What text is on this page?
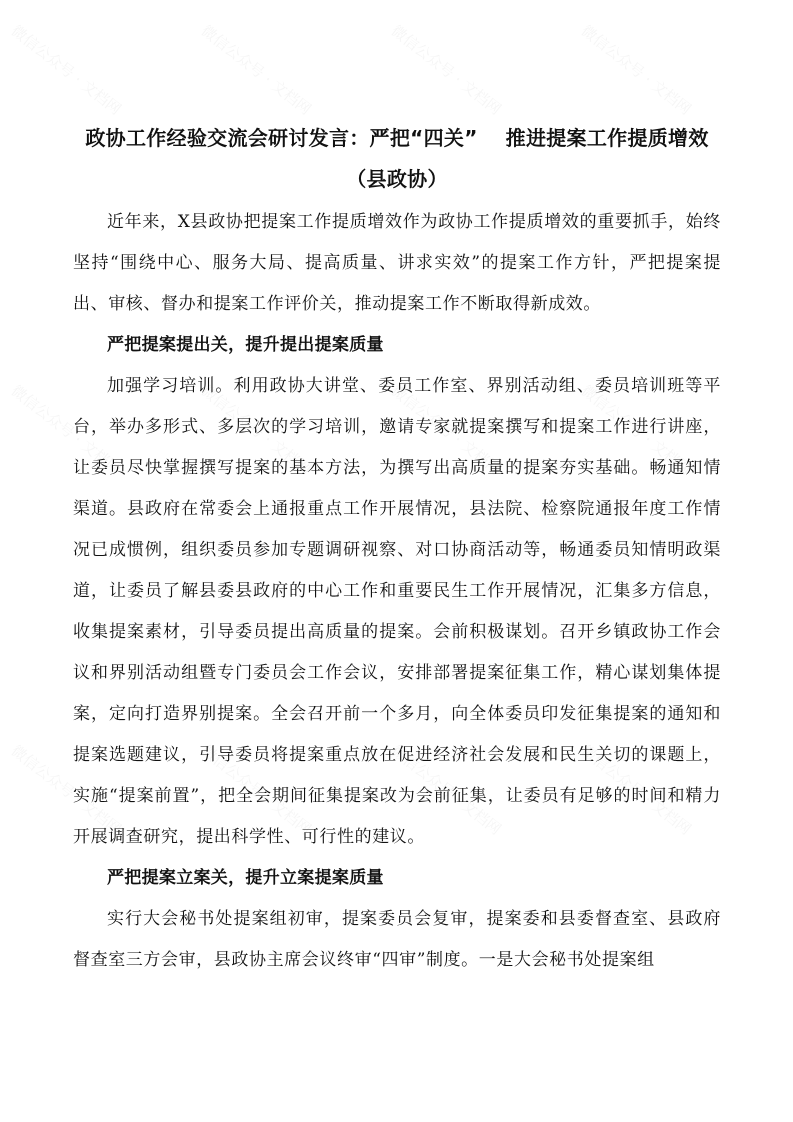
微信公众号 · 文档网	微信公众号 · 文档网	微信公众号 · 文档网	微信公众号 · 文档网
微信公众号 · 文档网	微信公众号 · 文档网	微信公众号 · 文档网	微信公众号 · 文档网
微信公众号 · 文档网	微信公众号 · 文档网	微信公众号 · 文档网	微信公众号 · 文档网
政协工作经验交流会研讨发言：严把“四关” 推进提案工作提质增效（县政协）

近年来，X县政协把提案工作提质增效作为政协工作提质增效的重要抓手，始终坚持“围绕中心、服务大局、提高质量、讲求实效”的提案工作方针，严把提案提出、审核、督办和提案工作评价关，推动提案工作不断取得新成效。

严把提案提出关，提升提出提案质量

加强学习培训。利用政协大讲堂、委员工作室、界别活动组、委员培训班等平台，举办多形式、多层次的学习培训，邀请专家就提案撰写和提案工作进行讲座，让委员尽快掌握撰写提案的基本方法，为撰写出高质量的提案夯实基础。畅通知情渠道。县政府在常委会上通报重点工作开展情况，县法院、检察院通报年度工作情况已成惯例，组织委员参加专题调研视察、对口协商活动等，畅通委员知情明政渠道，让委员了解县委县政府的中心工作和重要民生工作开展情况，汇集多方信息，收集提案素材，引导委员提出高质量的提案。会前积极谋划。召开乡镇政协工作会议和界别活动组暨专门委员会工作会议，安排部署提案征集工作，精心谋划集体提案，定向打造界别提案。全会召开前一个多月，向全体委员印发征集提案的通知和提案选题建议，引导委员将提案重点放在促进经济社会发展和民生关切的课题上，实施“提案前置”，把全会期间征集提案改为会前征集，让委员有足够的时间和精力开展调查研究，提出科学性、可行性的建议。

严把提案立案关，提升立案提案质量

实行大会秘书处提案组初审，提案委员会复审，提案委和县委督查室、县政府督查室三方会审，县政协主席会议终审“四审”制度。一是大会秘书处提案组
